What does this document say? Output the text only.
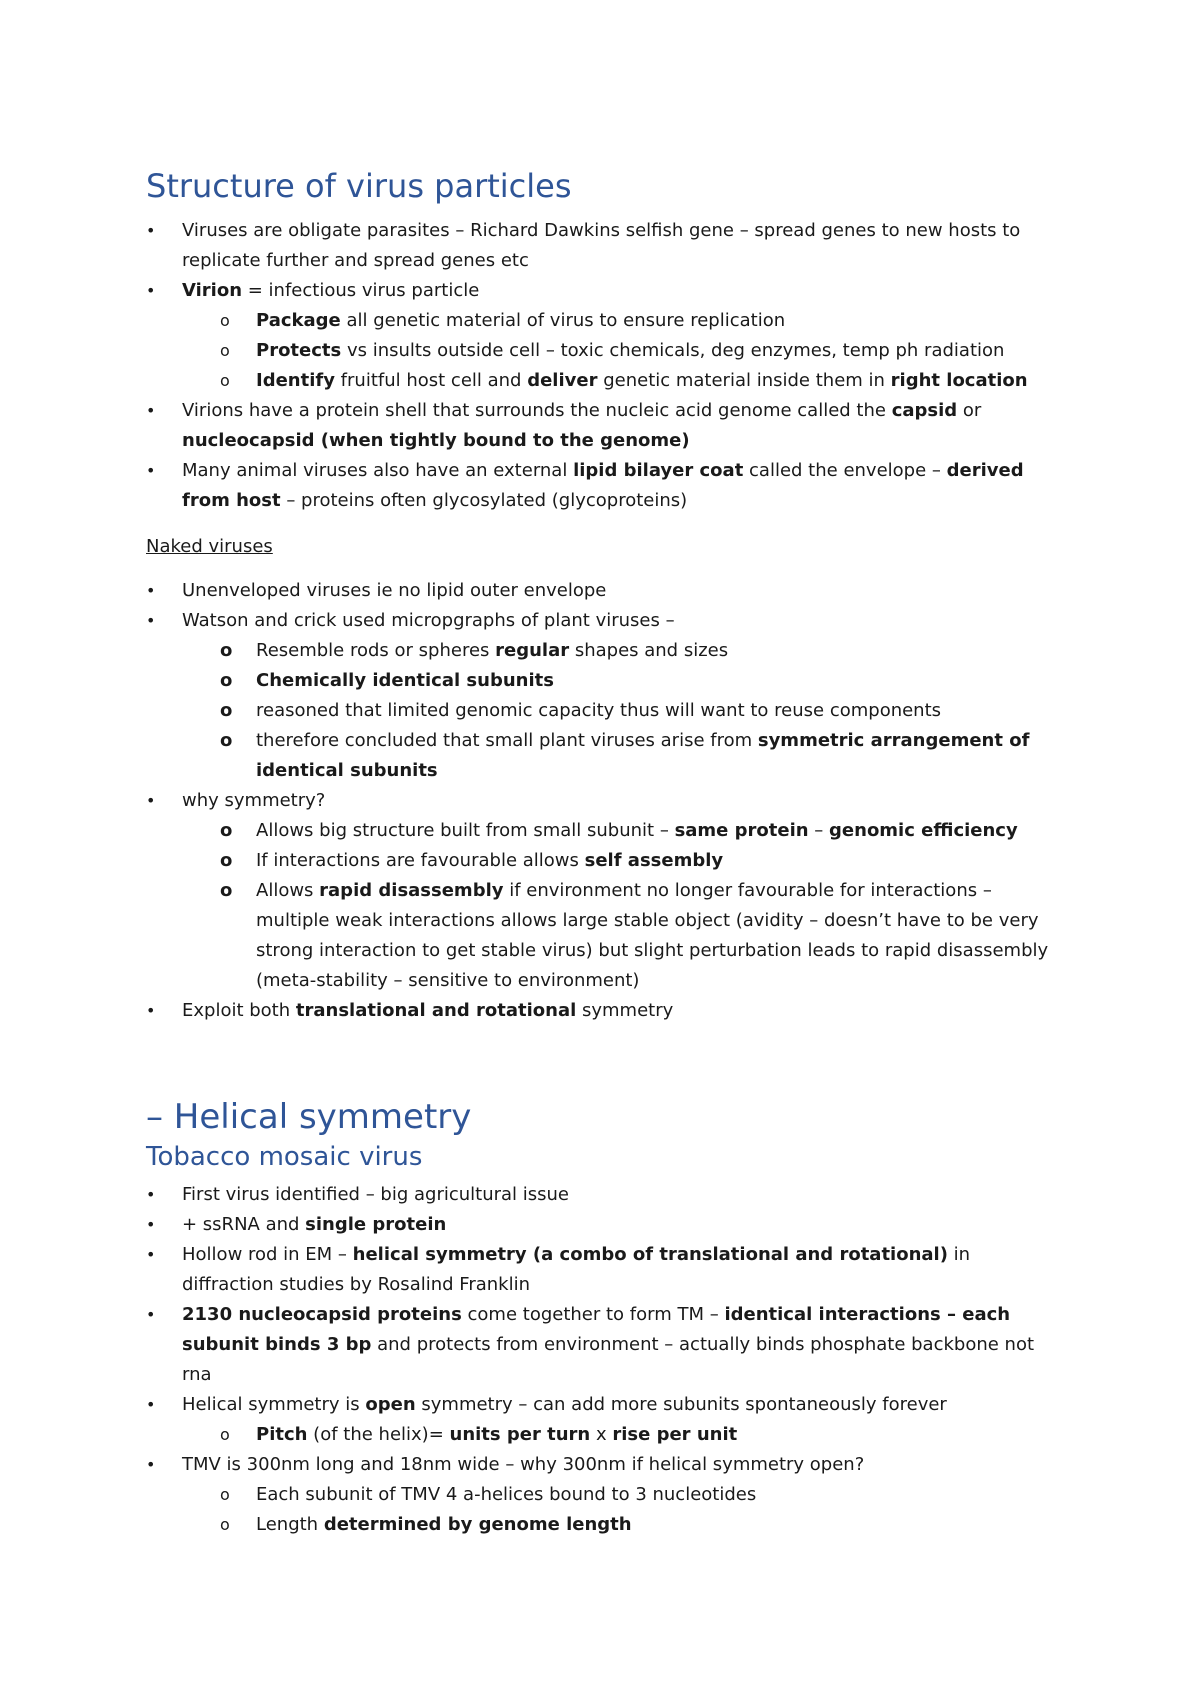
Structure of virus particles
•	Viruses are obligate parasites – Richard Dawkins selfish gene – spread genes to new hosts to replicate further and spread genes etc
•	Virion = infectious virus particle
o	Package all genetic material of virus to ensure replication
o	Protects vs insults outside cell – toxic chemicals, deg enzymes, temp ph radiation
o	Identify fruitful host cell and deliver genetic material inside them in right location
•	Virions have a protein shell that surrounds the nucleic acid genome called the capsid or nucleocapsid (when tightly bound to the genome)
•	Many animal viruses also have an external lipid bilayer coat called the envelope – derived from host – proteins often glycosylated (glycoproteins)
Naked viruses
•	Unenveloped viruses ie no lipid outer envelope
•	Watson and crick used micropgraphs of plant viruses –
o	Resemble rods or spheres regular shapes and sizes
o	Chemically identical subunits
o	reasoned that limited genomic capacity thus will want to reuse components
o	therefore concluded that small plant viruses arise from symmetric arrangement of identical subunits
•	why symmetry?
o	Allows big structure built from small subunit – same protein – genomic efficiency
o	If interactions are favourable allows self assembly
o	Allows rapid disassembly if environment no longer favourable for interactions – multiple weak interactions allows large stable object (avidity – doesn’t have to be very strong interaction to get stable virus) but slight perturbation leads to rapid disassembly (meta-stability – sensitive to environment)
•	Exploit both translational and rotational symmetry
– Helical symmetry
Tobacco mosaic virus
•	First virus identified – big agricultural issue
•	+ ssRNA and single protein
•	Hollow rod in EM – helical symmetry (a combo of translational and rotational) in diffraction studies by Rosalind Franklin
•	2130 nucleocapsid proteins come together to form TM – identical interactions – each subunit binds 3 bp and protects from environment – actually binds phosphate backbone not rna
•	Helical symmetry is open symmetry – can add more subunits spontaneously forever
o	Pitch (of the helix)= units per turn x rise per unit
•	TMV is 300nm long and 18nm wide – why 300nm if helical symmetry open?
o	Each subunit of TMV 4 a-helices bound to 3 nucleotides
o	Length determined by genome length
